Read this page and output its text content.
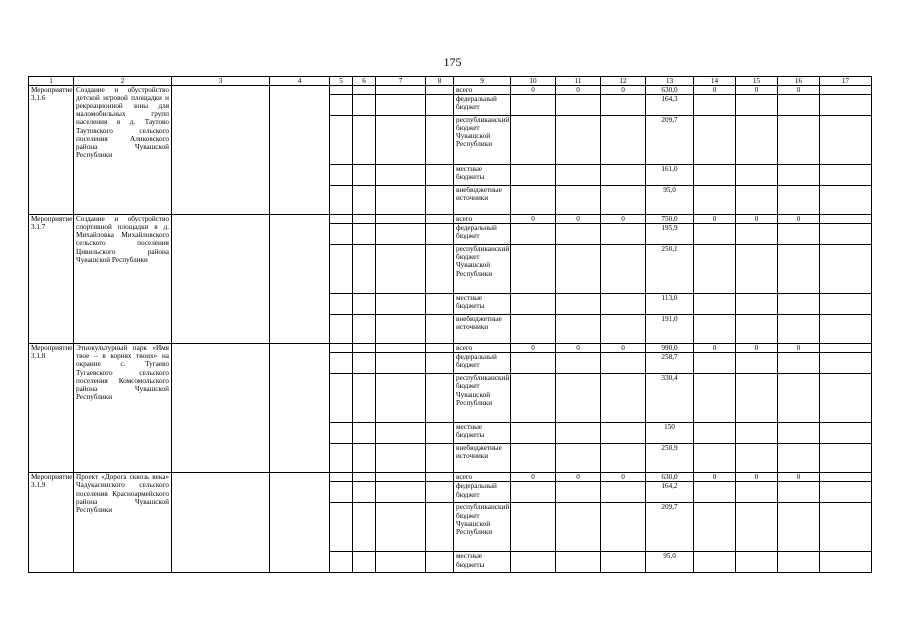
175
1	2	3	4	5	6	7	8	9	10	11	12	13	14	15	16	17
Мероприятие 3.1.6	Создание и обустройство детской игровой площадки и рекреационной зоны для маломобильных групп населения в д. Таутово Таутовского сельского поселения Аликовского района Чувашской Республики							всего	0	0	0	630,0	0	0	0	
								федеральный бюджет				164,3				
								республиканский бюджет Чувашской Республики				209,7				
								местные бюджеты				161,0				
								внебюджетные источники				95,0				
Мероприятие 3.1.7	Создание и обустройство спортивной площадки в д. Михайловка Михайловского сельского поселения Цивильского района Чувашской Республики							всего	0	0	0	750,0	0	0	0	
								федеральный бюджет				195,9				
								республиканский бюджет Чувашской Республики				250,1				
								местные бюджеты				113,0				
								внебюджетные источники				191,0				
Мероприятие 3.1.8	Этнокультурный парк «Имя твое – в корнях твоих» на окраине с. Тугаево Тугаевского сельского поселения Комсомольского района Чувашской Республики							всего	0	0	0	990,0	0	0	0	
								федеральный бюджет				258,7				
								республиканский бюджет Чувашской Республики				330,4				
								местные бюджеты				150				
								внебюджетные источники				250,9				
Мероприятие 3.1.9	Проект «Дорога сквозь века» Чадукасинского сельского поселения Красноармейского района Чувашской Республики							всего	0	0	0	630,0	0	0	0	
								федеральный бюджет				164,2				
								республиканский бюджет Чувашской Республики				209,7				
								местные бюджеты				95,0				
